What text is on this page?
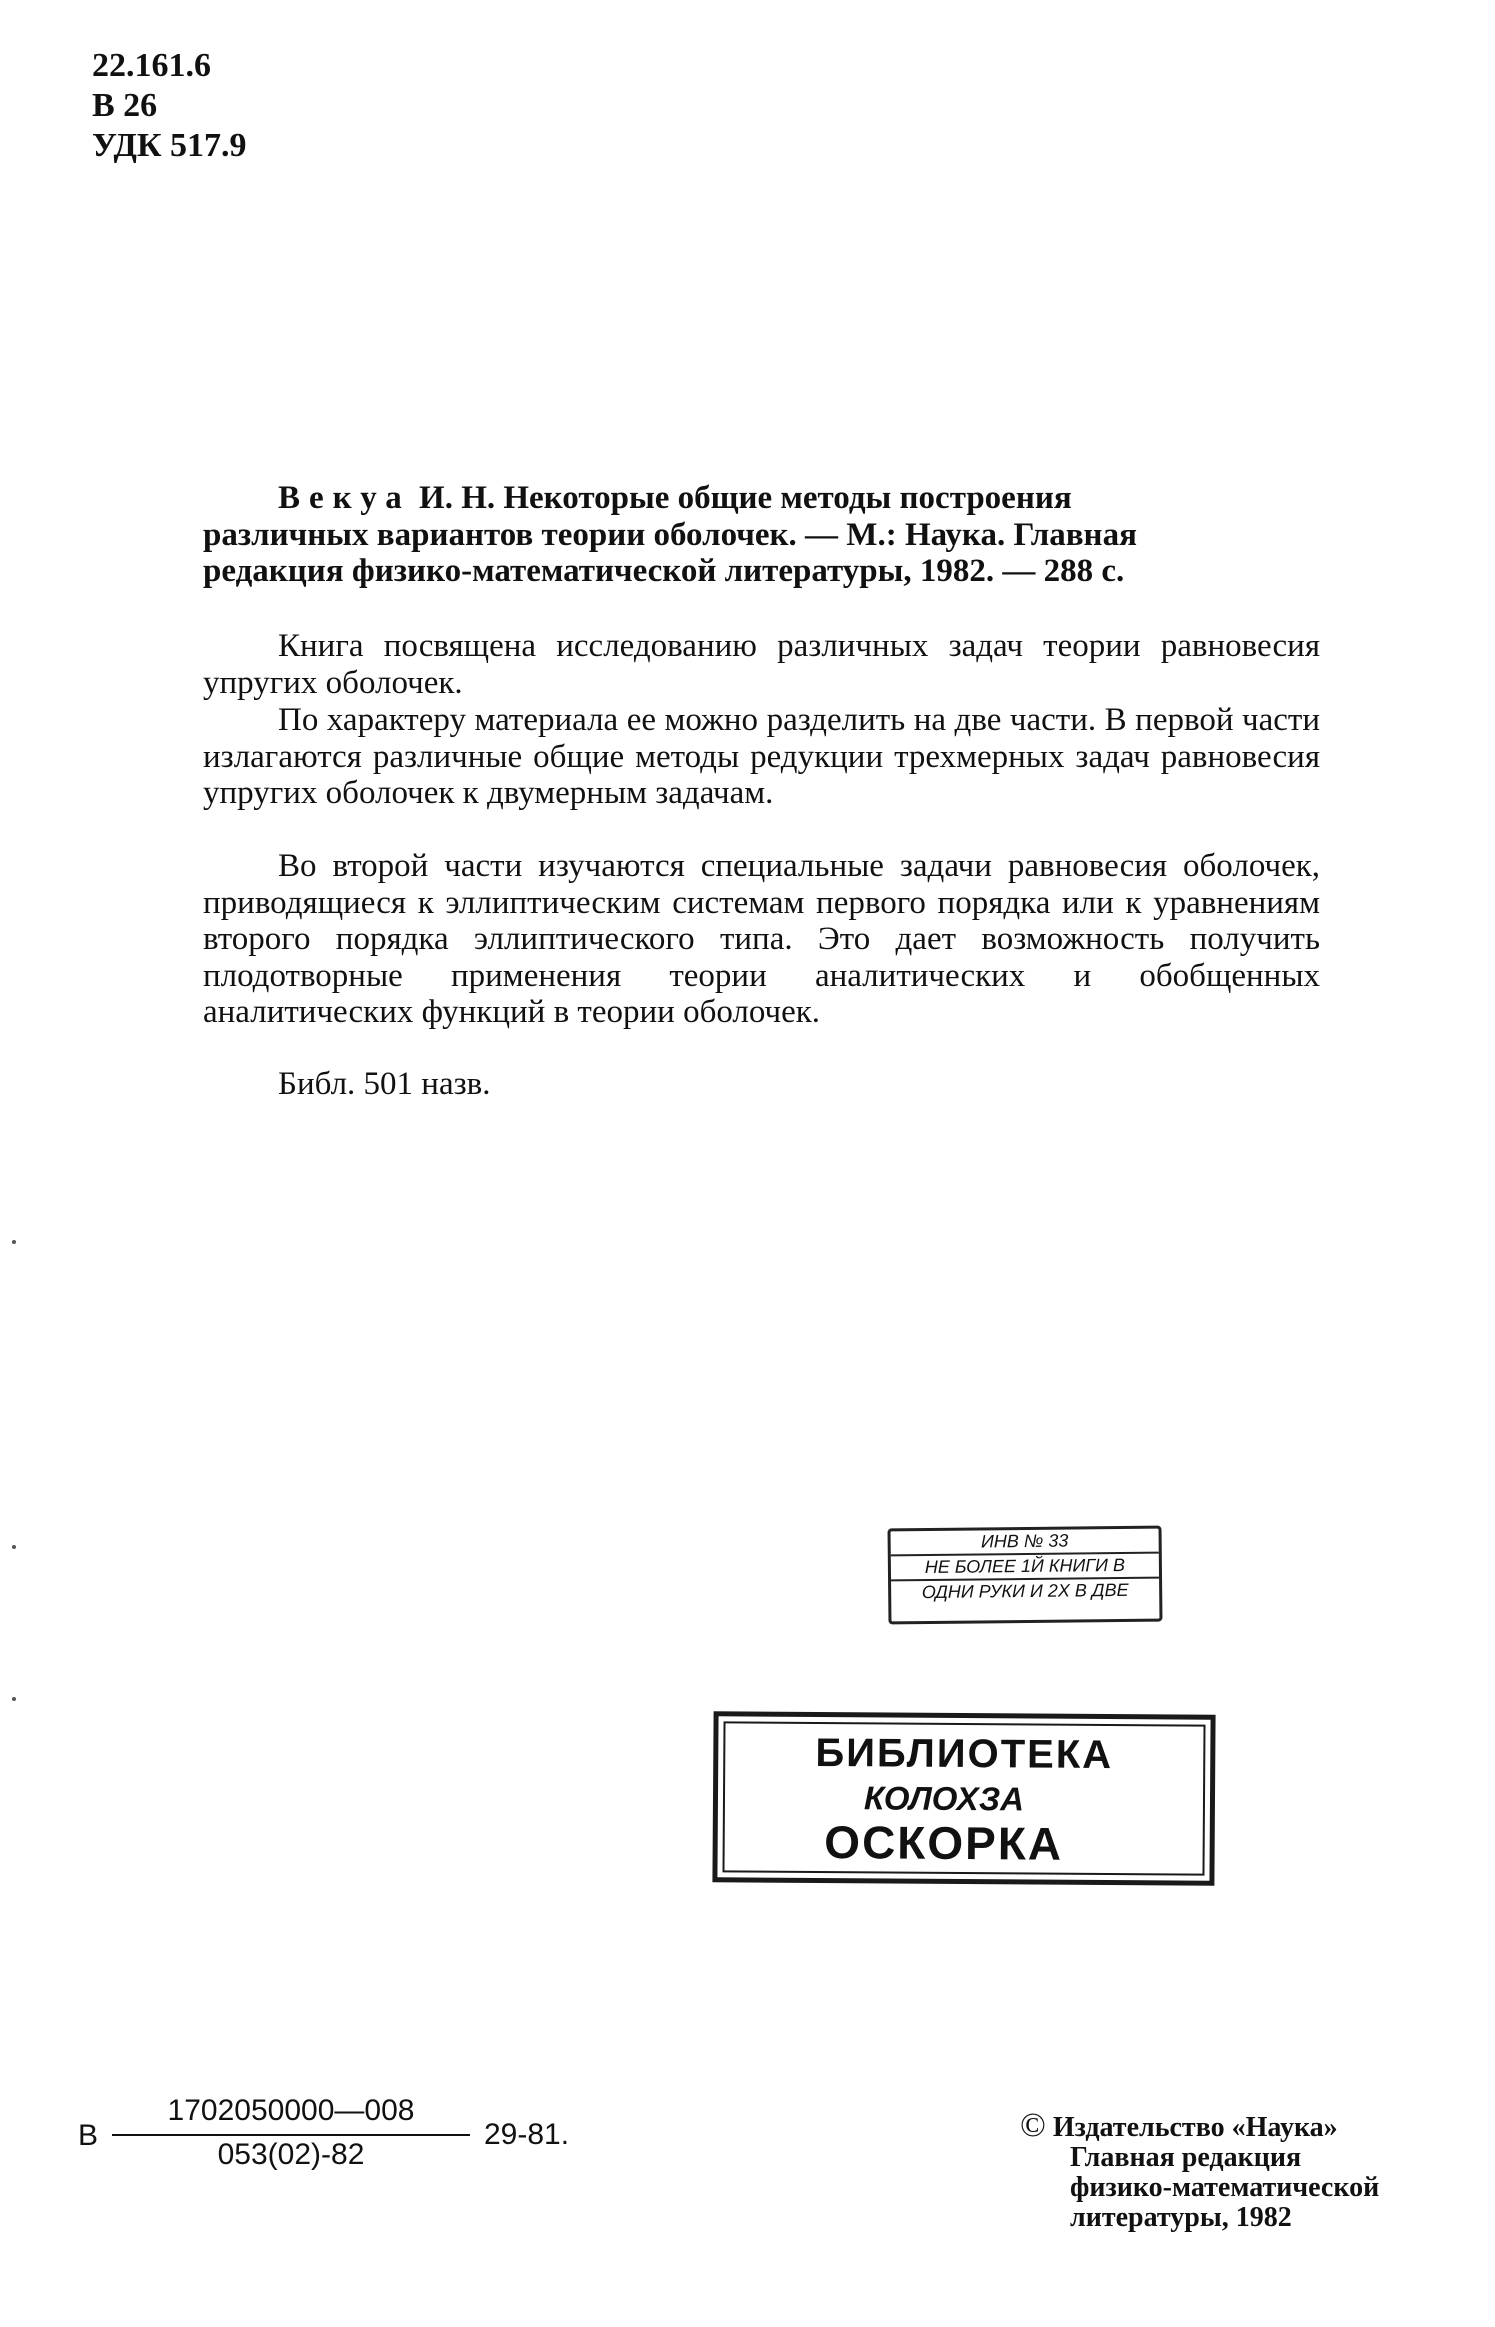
22.161.6
В 26
УДК 517.9
Векуа И. Н. Некоторые общие методы построения
различных вариантов теории оболочек. — М.: Наука. Главная
редакция физико-математической литературы, 1982. — 288 с.
Книга посвящена исследованию различных задач теории равновесия упругих оболочек.
По характеру материала ее можно разделить на две части. В первой части излагаются различные общие методы редукции трехмерных задач равновесия упругих оболочек к двумерным задачам.
Во второй части изучаются специальные задачи равновесия оболочек, приводящиеся к эллиптическим системам первого порядка или к уравнениям второго порядка эллиптического типа. Это дает возможность получить плодотворные применения теории аналитических и обобщенных аналитических функций в теории оболочек.
Библ. 501 назв.
ИНВ № 33
НЕ БОЛЕЕ 1Й КНИГИ В
ОДНИ РУКИ И 2Х В ДВЕ
БИБЛИОТЕКА
КОЛОХЗА
ОСКОРКА
В $\frac{1702050000—008}{053(02)-82} 29-81$.	© Издательство «Наука»
Главная редакция
физико-математической
литературы, 1982
